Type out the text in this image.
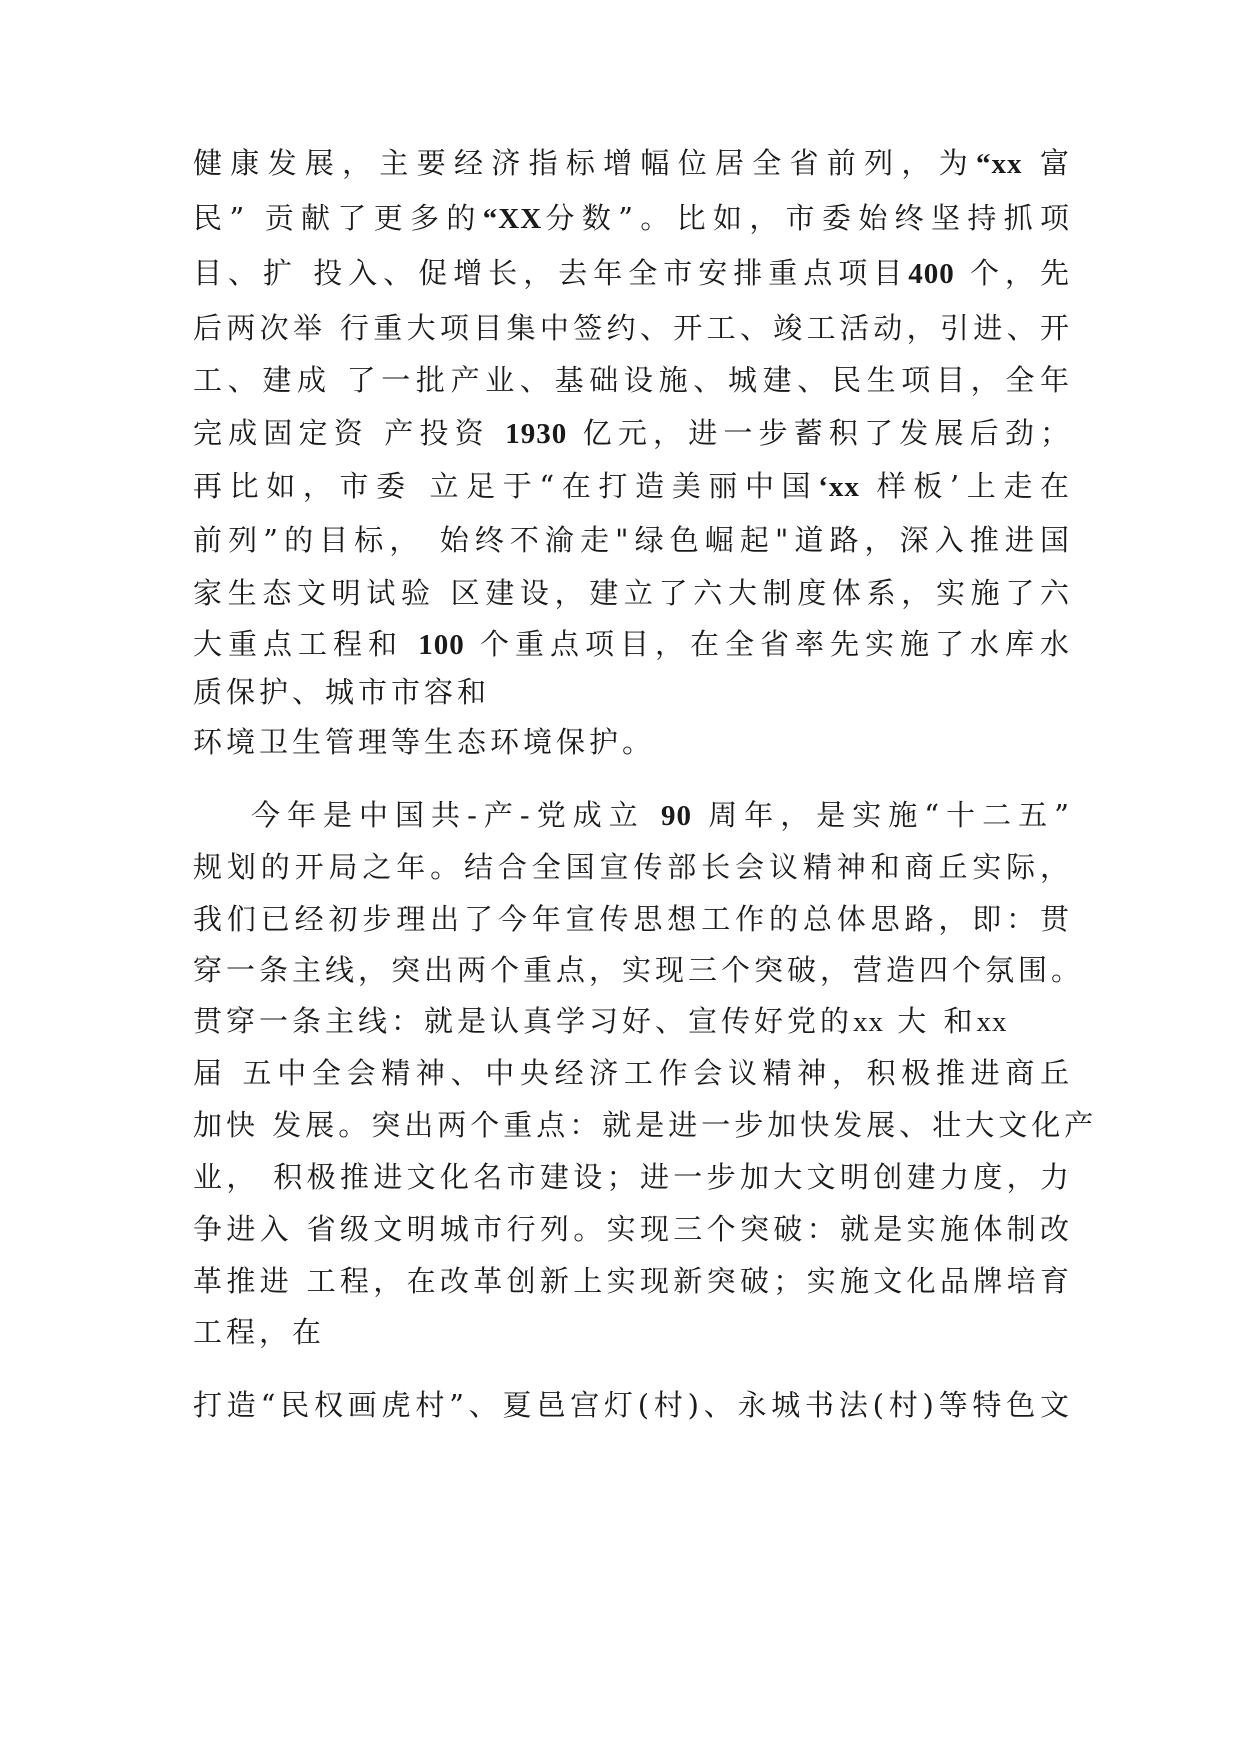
健康发展，主要经济指标增幅位居全省前列，为“xx 富
民” 贡献了更多的“XX分数”。比如，市委始终坚持抓项
目、扩 投入、促增长，去年全市安排重点项目400 个，先
后两次举 行重大项目集中签约、开工、竣工活动，引进、开
工、建成 了一批产业、基础设施、城建、民生项目，全年
完成固定资 产投资 1930 亿元，进一步蓄积了发展后劲；
再比如，市委 立足于“在打造美丽中国‘xx 样板’上走在
前列”的目标， 始终不渝走"绿色崛起"道路，深入推进国
家生态文明试验 区建设，建立了六大制度体系，实施了六
大重点工程和 100 个重点项目，在全省率先实施了水库水
质保护、城市市容和
环境卫生管理等生态环境保护。
今年是中国共-产-党成立 90 周年，是实施“十二五”
规划的开局之年。结合全国宣传部长会议精神和商丘实际，
我们已经初步理出了今年宣传思想工作的总体思路，即：贯
穿一条主线，突出两个重点，实现三个突破，营造四个氛围。
贯穿一条主线：就是认真学习好、宣传好党的xx 大 和xx
届 五中全会精神、中央经济工作会议精神，积极推进商丘
加快 发展。突出两个重点：就是进一步加快发展、壮大文化产
业， 积极推进文化名市建设；进一步加大文明创建力度，力
争进入 省级文明城市行列。实现三个突破：就是实施体制改
革推进 工程，在改革创新上实现新突破；实施文化品牌培育
工程，在
打造“民权画虎村”、夏邑宫灯(村)、永城书法(村)等特色文
